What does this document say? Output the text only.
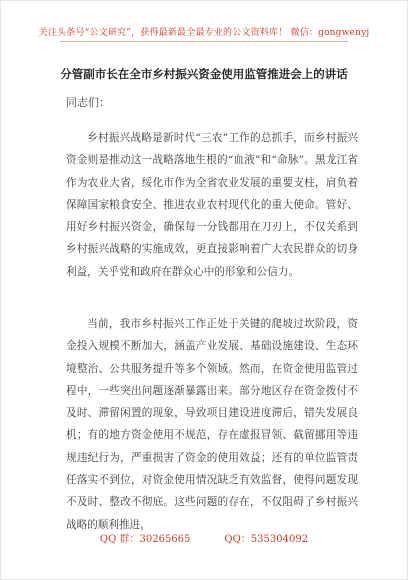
关注头条号“公文研究”，获得最新最全最专业的公文资料库！ 微信：gongwenyj
分管副市长在全市乡村振兴资金使用监管推进会上的讲话
同志们：

乡村振兴战略是新时代“三农”工作的总抓手，而乡村振兴资金则是推动这一战略落地生根的“血液”和“命脉”。黑龙江省作为农业大省，绥化市作为全省农业发展的重要支柱，肩负着保障国家粮食安全、推进农业农村现代化的重大使命。管好、用好乡村振兴资金，确保每一分钱都用在刀刃上，不仅关系到乡村振兴战略的实施成效，更直接影响着广大农民群众的切身利益，关乎党和政府在群众心中的形象和公信力。

当前，我市乡村振兴工作正处于关键的爬坡过坎阶段，资金投入规模不断加大，涵盖产业发展、基础设施建设、生态环境整治、公共服务提升等多个领域。然而，在资金使用监管过程中，一些突出问题逐渐暴露出来。部分地区存在资金拨付不及时、滞留闲置的现象，导致项目建设进度滞后，错失发展良机；有的地方资金使用不规范，存在虚报冒领、截留挪用等违规违纪行为，严重损害了资金的使用效益；还有的单位监管责任落实不到位，对资金使用情况缺乏有效监督，使得问题发现不及时、整改不彻底。这些问题的存在，不仅阻碍了乡村振兴战略的顺利推进，

QQ 群：30265665	QQ：535304092
